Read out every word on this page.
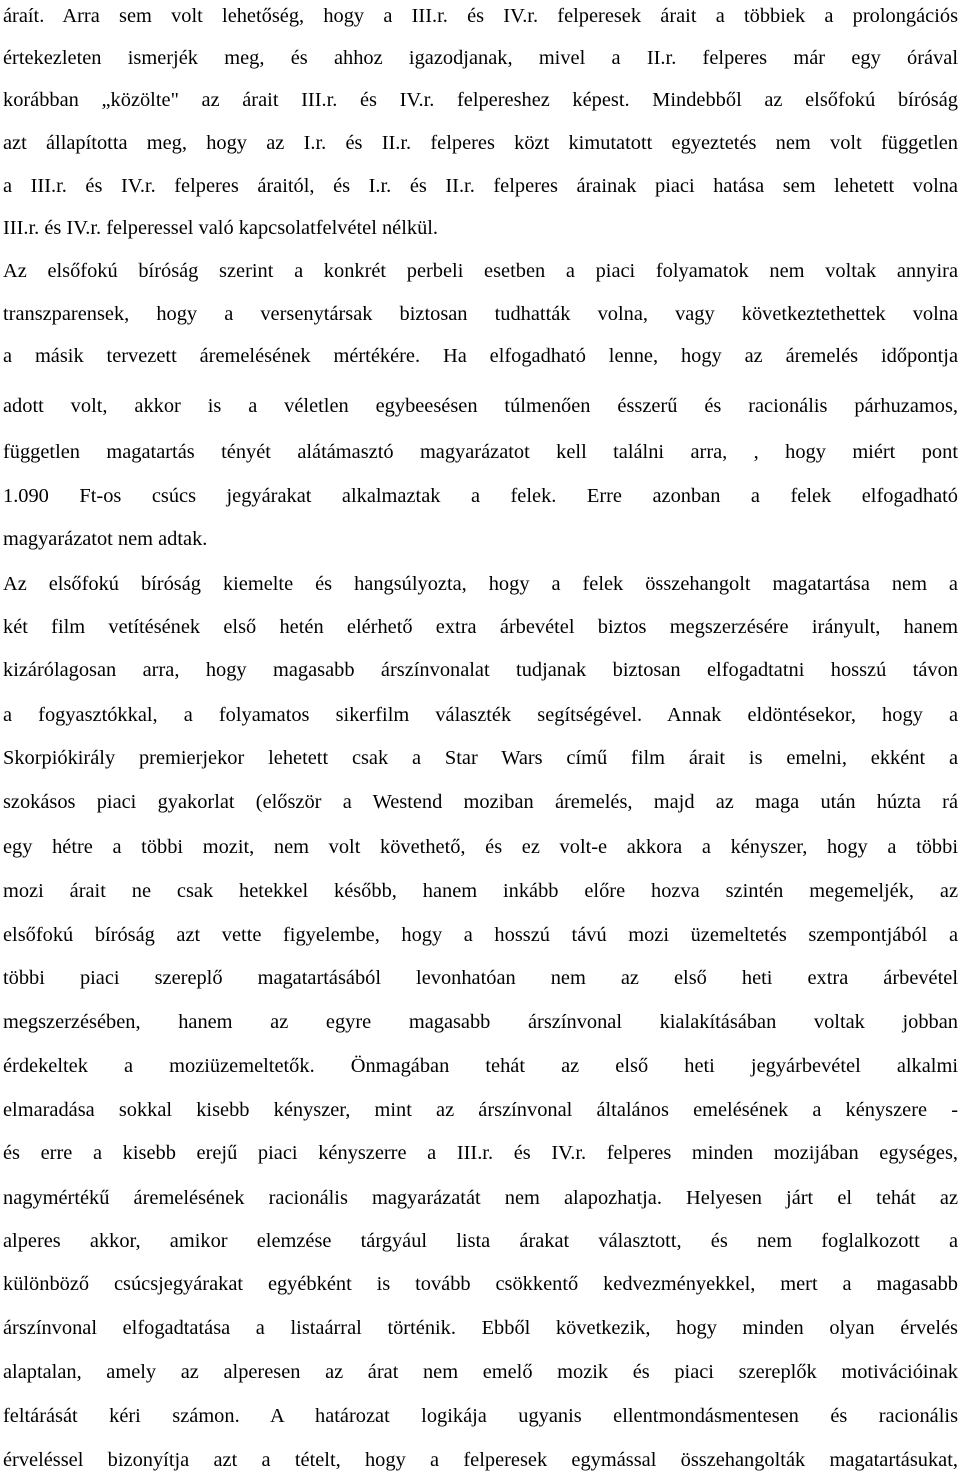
áraít. Arra sem volt lehetőség, hogy a III.r. és IV.r. felperesek árait a többiek a prolongációs
értekezleten ismerjék meg, és ahhoz igazodjanak, mivel a II.r. felperes már egy órával
korábban „közölte" az árait III.r. és IV.r. felpereshez képest. Mindebből az elsőfokú bíróság
azt állapította meg, hogy az I.r. és II.r. felperes közt kimutatott egyeztetés nem volt független
a III.r. és IV.r. felperes áraitól, és I.r. és II.r. felperes árainak piaci hatása sem lehetett volna
III.r. és IV.r. felperessel való kapcsolatfelvétel nélkül.
Az elsőfokú bíróság szerint a konkrét perbeli esetben a piaci folyamatok nem voltak annyira
transzparensek, hogy a versenytársak biztosan tudhatták volna, vagy következtethettek volna
a másik tervezett áremelésének mértékére. Ha elfogadható lenne, hogy az áremelés időpontja
adott volt, akkor is a véletlen egybeesésen túlmenően ésszerű és racionális párhuzamos,
független magatartás tényét alátámasztó magyarázatot kell találni arra, , hogy miért pont
1.090 Ft-os csúcs jegyárakat alkalmaztak a felek. Erre azonban a felek elfogadható
magyarázatot nem adtak.
Az elsőfokú bíróság kiemelte és hangsúlyozta, hogy a felek összehangolt magatartása nem a
két film vetítésének első hetén elérhető extra árbevétel biztos megszerzésére irányult, hanem
kizárólagosan arra, hogy magasabb árszínvonalat tudjanak biztosan elfogadtatni hosszú távon
a fogyasztókkal, a folyamatos sikerfilm választék segítségével. Annak eldöntésekor, hogy a
Skorpiókirály premierjekor lehetett csak a Star Wars című film árait is emelni, ekként a
szokásos piaci gyakorlat (először a Westend moziban áremelés, majd az maga után húzta rá
egy hétre a többi mozit, nem volt követhető, és ez volt-e akkora a kényszer, hogy a többi
mozi árait ne csak hetekkel később, hanem inkább előre hozva szintén megemeljék, az
elsőfokú bíróság azt vette figyelembe, hogy a hosszú távú mozi üzemeltetés szempontjából a
többi piaci szereplő magatartásából levonhatóan nem az első heti extra árbevétel
megszerzésében, hanem az egyre magasabb árszínvonal kialakításában voltak jobban
érdekeltek a moziüzemeltetők. Önmagában tehát az első heti jegyárbevétel alkalmi
elmaradása sokkal kisebb kényszer, mint az árszínvonal általános emelésének a kényszere -
és erre a kisebb erejű piaci kényszerre a III.r. és IV.r. felperes minden mozijában egységes,
nagymértékű áremelésének racionális magyarázatát nem alapozhatja. Helyesen járt el tehát az
alperes akkor, amikor elemzése tárgyául lista árakat választott, és nem foglalkozott a
különböző csúcsjegyárakat egyébként is tovább csökkentő kedvezményekkel, mert a magasabb
árszínvonal elfogadtatása a listaárral történik. Ebből következik, hogy minden olyan érvelés
alaptalan, amely az alperesen az árat nem emelő mozik és piaci szereplők motivációinak
feltárását kéri számon. A határozat logikája ugyanis ellentmondásmentesen és racionális
érveléssel bizonyítja azt a tételt, hogy a felperesek egymással összehangolták magatartásukat,
